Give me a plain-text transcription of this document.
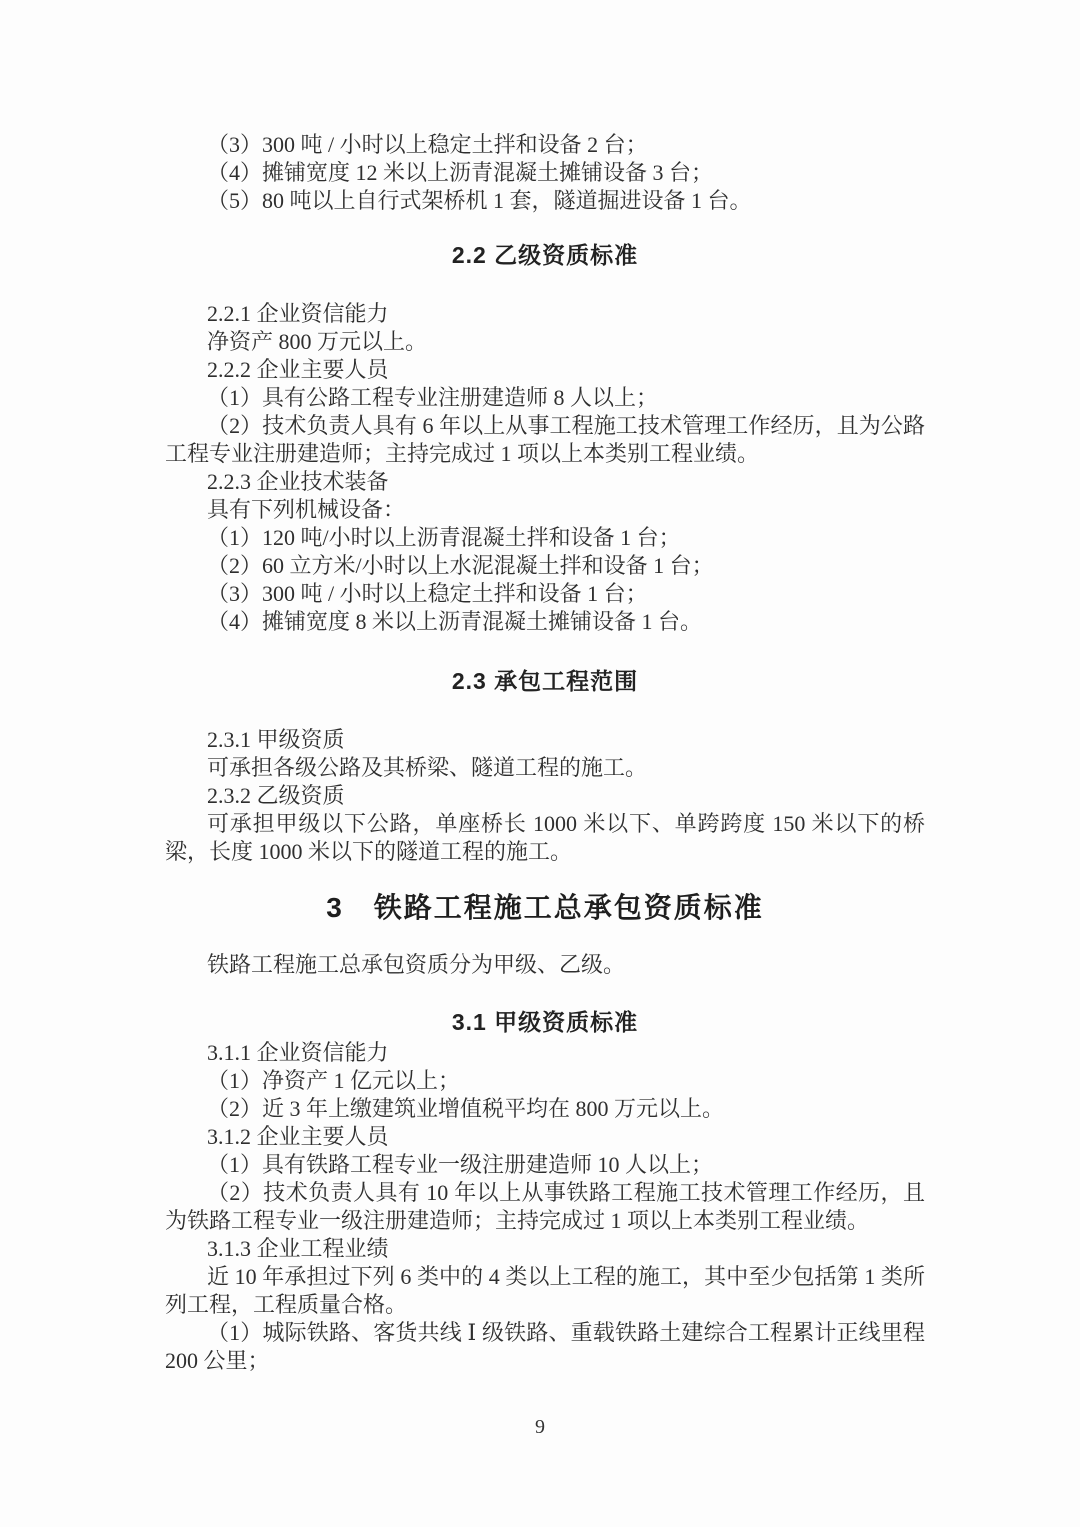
（3）300 吨 / 小时以上稳定土拌和设备 2 台；

（4）摊铺宽度 12 米以上沥青混凝土摊铺设备 3 台；

（5）80 吨以上自行式架桥机 1 套，隧道掘进设备 1 台。

2.2 乙级资质标准

2.2.1 企业资信能力

净资产 800 万元以上。

2.2.2 企业主要人员

（1）具有公路工程专业注册建造师 8 人以上；

（2）技术负责人具有 6 年以上从事工程施工技术管理工作经历，且为公路工程专业注册建造师；主持完成过 1 项以上本类别工程业绩。

2.2.3 企业技术装备

具有下列机械设备：

（1）120 吨/小时以上沥青混凝土拌和设备 1 台；

（2）60 立方米/小时以上水泥混凝土拌和设备 1 台；

（3）300 吨 / 小时以上稳定土拌和设备 1 台；

（4）摊铺宽度 8 米以上沥青混凝土摊铺设备 1 台。

2.3 承包工程范围

2.3.1 甲级资质

可承担各级公路及其桥梁、隧道工程的施工。

2.3.2 乙级资质

可承担甲级以下公路，单座桥长 1000 米以下、单跨跨度 150 米以下的桥梁，长度 1000 米以下的隧道工程的施工。

3　铁路工程施工总承包资质标准

铁路工程施工总承包资质分为甲级、乙级。

3.1 甲级资质标准

3.1.1 企业资信能力

（1）净资产 1 亿元以上；

（2）近 3 年上缴建筑业增值税平均在 800 万元以上。

3.1.2 企业主要人员

（1）具有铁路工程专业一级注册建造师 10 人以上；

（2）技术负责人具有 10 年以上从事铁路工程施工技术管理工作经历，且为铁路工程专业一级注册建造师；主持完成过 1 项以上本类别工程业绩。

3.1.3 企业工程业绩

近 10 年承担过下列 6 类中的 4 类以上工程的施工，其中至少包括第 1 类所列工程，工程质量合格。

（1）城际铁路、客货共线 Ⅰ 级铁路、重载铁路土建综合工程累计正线里程 200 公里；

9
